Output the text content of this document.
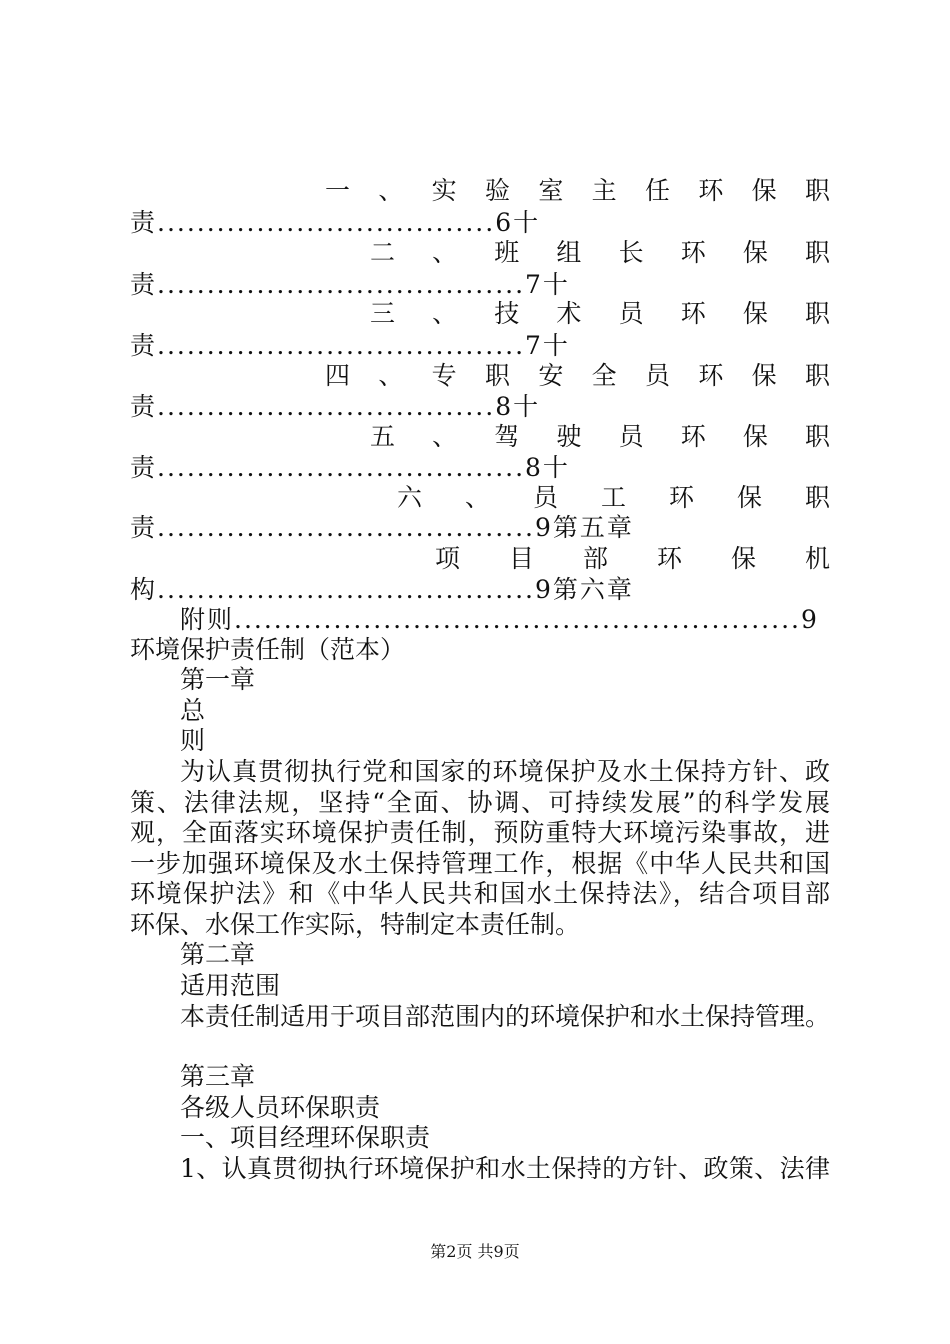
一 、 实 验 室 主 任 环 保 职
责..................................6十
二 、 班 组 长 环 保 职
责.....................................7十
三 、 技 术 员 环 保 职
责.....................................7十
四 、 专 职 安 全 员 环 保 职
责..................................8十
五 、 驾 驶 员 环 保 职
责.....................................8十
六 、 员 工 环 保 职
责......................................9第五章
项 目 部 环 保 机
构......................................9第六章
附则.........................................................9
环境保护责任制（范本）
第一章
总
则
为认真贯彻执行党和国家的环境保护及水土保持方针、政
策、法律法规，坚持“全面、协调、可持续发展”的科学发展
观，全面落实环境保护责任制，预防重特大环境污染事故，进
一步加强环境保及水土保持管理工作，根据《中华人民共和国
环境保护法》和《中华人民共和国水土保持法》，结合项目部
环保、水保工作实际，特制定本责任制。
第二章
适用范围
本责任制适用于项目部范围内的环境保护和水土保持管理。
第三章
各级人员环保职责
一、项目经理环保职责
1、认真贯彻执行环境保护和水土保持的方针、政策、法律
第2页 共9页
